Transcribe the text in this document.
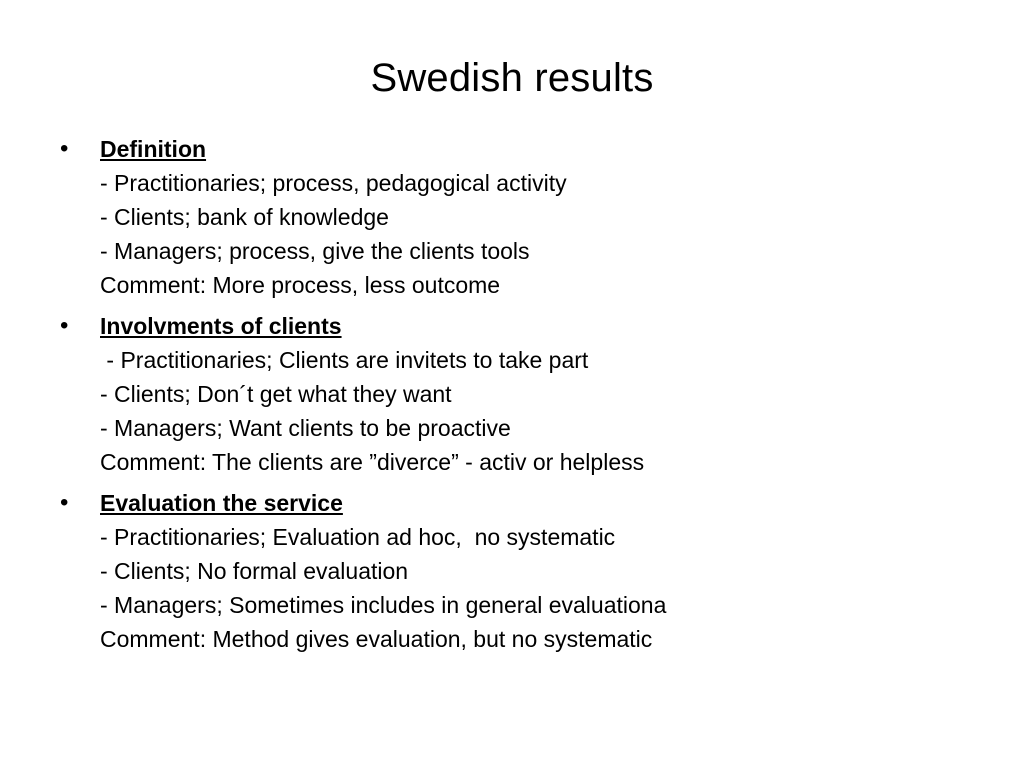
Swedish results
• Definition
- Practitionaries; process, pedagogical activity
- Clients; bank of knowledge
- Managers; process, give the clients tools
Comment: More process, less outcome
• Involvments of clients
- Practitionaries; Clients are invitets to take part
- Clients; Don´t get what they want
- Managers; Want clients to be proactive
Comment: The clients are ”diverce” - activ or helpless
• Evaluation the service
- Practitionaries; Evaluation ad hoc,  no systematic
- Clients; No formal evaluation
- Managers; Sometimes includes in general evaluationa
Comment: Method gives evaluation, but no systematic
